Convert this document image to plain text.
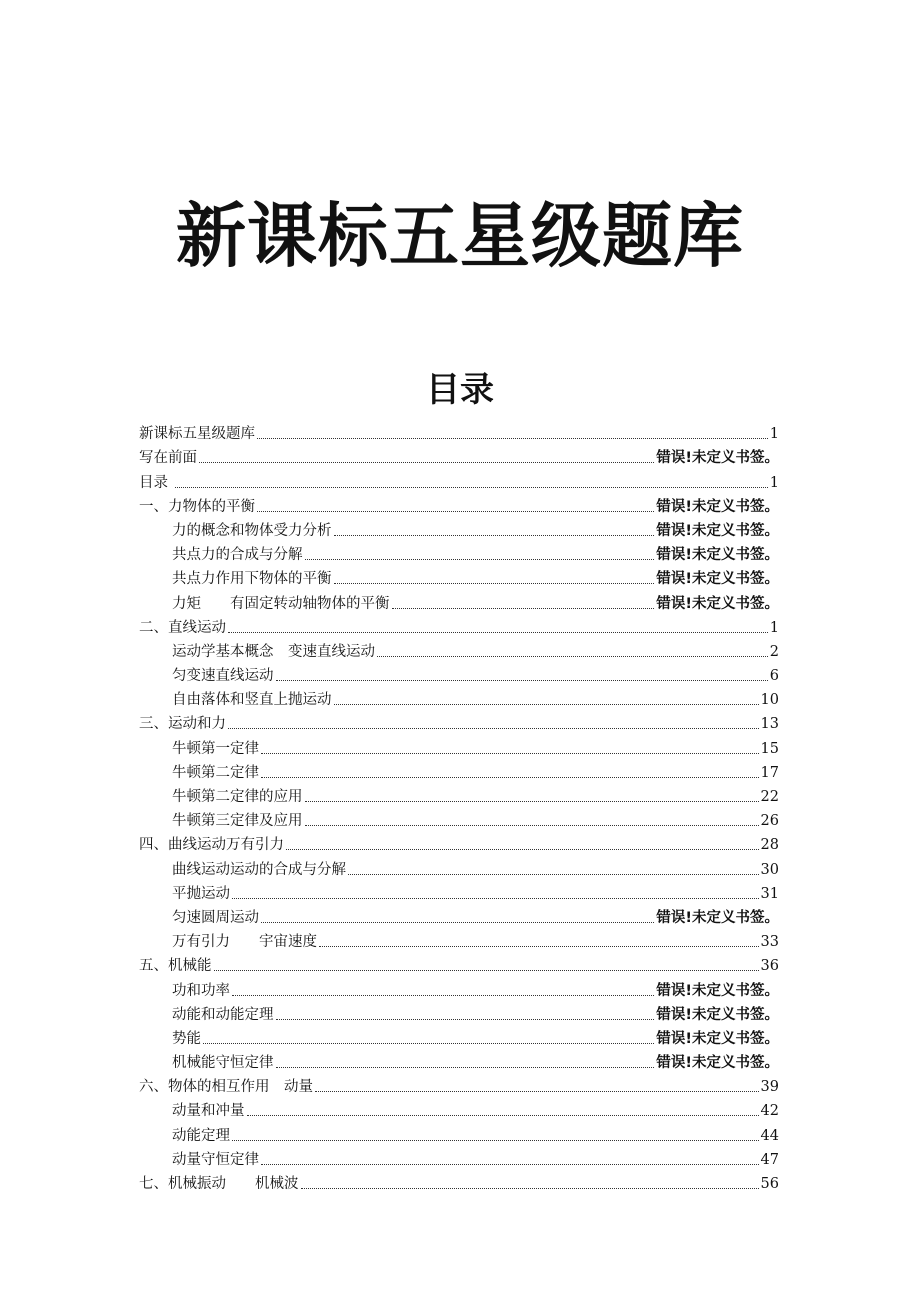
新课标五星级题库
目录
新课标五星级题库	1
写在前面	错误!未定义书签。
目录	1
一、力物体的平衡	错误!未定义书签。
力的概念和物体受力分析	错误!未定义书签。
共点力的合成与分解	错误!未定义书签。
共点力作用下物体的平衡	错误!未定义书签。
力矩　　有固定转动轴物体的平衡	错误!未定义书签。
二、直线运动	1
运动学基本概念　变速直线运动	2
匀变速直线运动	6
自由落体和竖直上抛运动	10
三、运动和力	13
牛顿第一定律	15
牛顿第二定律	17
牛顿第二定律的应用	22
牛顿第三定律及应用	26
四、曲线运动万有引力	28
曲线运动运动的合成与分解	30
平抛运动	31
匀速圆周运动	错误!未定义书签。
万有引力　　宇宙速度	33
五、机械能	36
功和功率	错误!未定义书签。
动能和动能定理	错误!未定义书签。
势能	错误!未定义书签。
机械能守恒定律	错误!未定义书签。
六、物体的相互作用　动量	39
动量和冲量	42
动能定理	44
动量守恒定律	47
七、机械振动　　机械波	56
